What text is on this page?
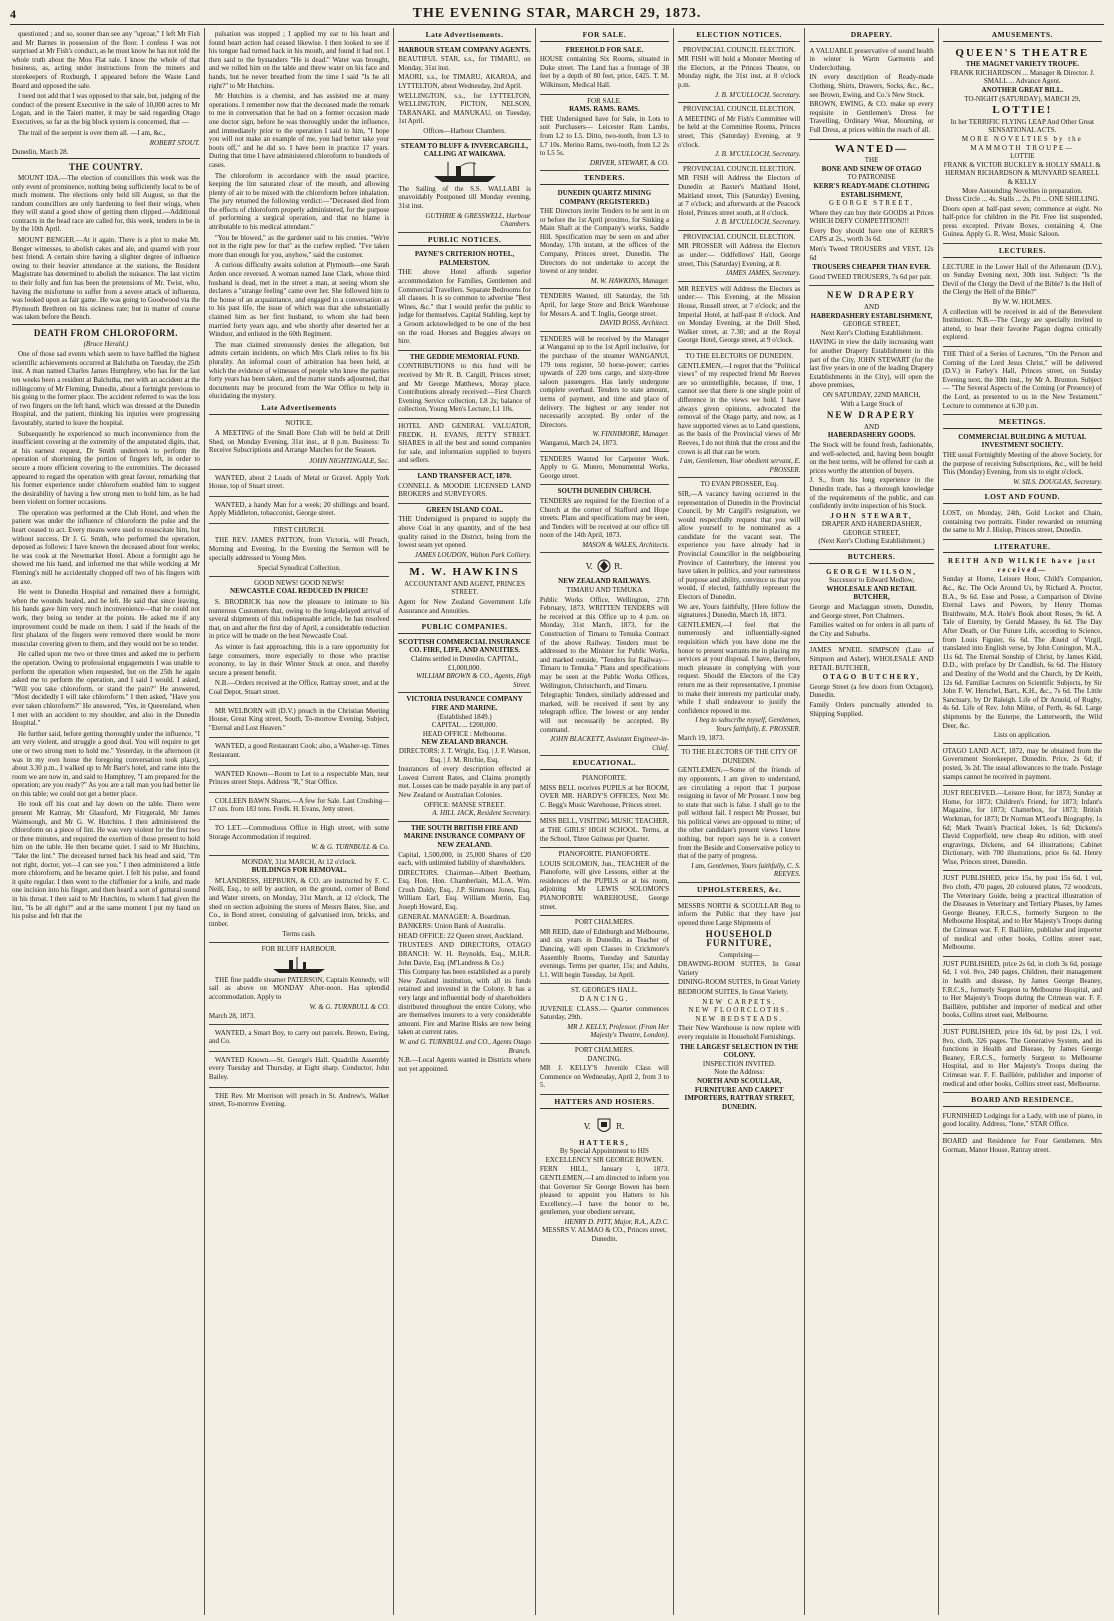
4	THE EVENING STAR, MARCH 29, 1873.

questioned ; and so, sooner than see any "uproar," I left Mr Fish and Mr Barnes in possession of the floor. I confess I was not surprised at Mr Fish's conduct, as he must know he has not told the whole truth about the Mou Flat sale. I know the whole of that business, as, acting under instructions from the miners and storekeepers of Roxburgh, I appeared before the Waste Land Board and opposed the sale.

I need not add that I was opposed to that sale, but, judging of the conduct of the present Executive in the sale of 10,000 acres to Mr Logan, and in the Taieri matter, it may be said regarding Otago Executives, so far as the big block system is concerned, that —

The trail of the serpent is over them all. —I am, &c.,

ROBERT STOUT.
Dunedin, March 28.
THE COUNTRY.

MOUNT IDA.—The election of councillors this week was the only event of prominence, nothing being sufficiently local to be of much moment. The elections only held till August, so that the random councillors are only hardening to feel their wings, when they will stand a good show of getting them clipped.—Additional contracts in the head race are called for, this week, tenders to be in by the 10th April.

MOUNT BENGER.—At it again. There is a plot to make Mt. Benger witnesses, to abolish cakes and ale, and quarrel with your best friend. A certain shire having a slighter degree of influence owing to their heavier attendance at the stations, the Resident Magistrate has determined to abolish the nuisance. The last victim to their folly and fun has been the pretensions of Mr. Twist, who, having the misfortune to suffer from a severe attack of influenza, was looked upon as fair game. He was going to Goodwood via the Plymouth Brethren on his sickness rate; but in matter of course was taken before the Bench.

DEATH FROM CHLOROFORM.
(Bruce Herald.)

One of those sad events which seem to have baffled the highest scientific achievements occurred at Balclutha on Tuesday, the 25th inst. A man named Charles James Humphrey, who has for the last ten weeks been a resident at Balclutha, met with an accident at the tollingcomy of Mr Fleming, Dunedin, about a fortnight previous to his going to the former place. The accident referred to was the loss of two fingers on the left hand, which was dressed at the Dunedin Hospital, and the patient, thinking his injuries were progressing favourably, started to leave the hospital.

Subsequently he experienced so much inconvenience from the insufficient covering at the extremity of the amputated digits, that, at his earnest request, Dr Smith undertook to perform the operation of shortening the portion of fingers left, in order to secure a more efficient covering to the extremities. The deceased appeared to regard the operation with great favour, remarking that his former experience under chloroform enabled him to suggest the desirability of having a few strong men to hold him, as he had been violent on former occasions.

The operation was performed at the Club Hotel, and when the patient was under the influence of chloroform the pulse and the heart ceased to act. Every means were used to resuscitate him, but without success. Dr J. G. Smith, who performed the operation, deposed as follows: I have known the deceased about four weeks; he was cook at the Newmarket Hotel. About a fortnight ago he showed me his hand, and informed me that while working at Mr Fleming's mill he accidentally chopped off two of his fingers with an axe.

He went to Dunedin Hospital and remained there a fortnight, when the wounds healed, and he left. He said that since leaving, his hands gave him very much inconvenience—that he could not work, they being so tender at the points. He asked me if any improvement could be made on them. I said if the heads of the first phalanx of the fingers were removed there would be more muscular covering given to them, and they would not be so tender.

He called upon me two or three times and asked me to perform the operation. Owing to professional engagements I was unable to perform the operation when requested, but on the 25th he again asked me to perform the operation, and I said I would. I asked, "Will you take chloroform, or stand the pain?" He answered, "Most decidedly I will take chloroform." I then asked, "Have you ever taken chloroform?" He answered, "Yes, in Queensland, when I met with an accident to my shoulder, and also in the Dunedin Hospital."

He further said, before getting thoroughly under the influence, "I am very violent, and struggle a good deal. You will require to get one or two strong men to hold me." Yesterday, in the afternoon (it was in my own house the foregoing conversation took place), about 3.30 p.m., I walked up to Mr Barr's hotel, and came into the room we are now in, and said to Humphrey, "I am prepared for the operation; are you ready?" As you are a tall man you had better lie on this table; we could not get a better place.

He took off his coat and lay down on the table. There were present Mr Kattray, Mr Glassford, Mr Fitzgerald, Mr James Waimsough, and Mr G. W. Hutchins. I then administered the chloroform on a piece of lint. He was very violent for the first two or three minutes, and required the exertion of those present to hold him on the table. He then became quiet. I said to Mr Hutchins, "Take the lint." The deceased turned back his head and said, "I'm not right, doctor, yet—I can see you." I then administered a little more chloroform, and he became quiet. I felt his pulse, and found it quite regular. I then went to the chiffonier for a knife, and made one incision into his finger, and then heard a sort of guttural sound in his throat. I then said to Mr Hutchins, to whom I had given the lint, "Is he all right?" and at the same moment I put my hand on his pulse and felt that the

pulsation was stopped ; I applied my ear to his heart and found heart action had ceased likewise. I then looked to see if his tongue had turned back in his mouth, and found it had not. I then said to the bystanders "He is dead." Water was brought, and we rolled him on the table and threw water on his face and hands, but he never breathed from the time I said "Is he all right?" to Mr Hutchins.

Mr Hutchins is a chemist, and has assisted me at many operations. I remember now that the deceased made the remark to me in conversation that he had on a former occasion made one doctor sign, before he was thoroughly under the influence, and immediately prior to the operation I said to him, "I hope you will not make an example of me, you had better take your boots off," and he did so. I have been in practice 17 years. During that time I have administered chloroform to hundreds of cases.

The chloroform in accordance with the usual practice, keeping the lint saturated clear of the mouth, and allowing plenty of air to be mixed with the chloroform before inhalation. The jury returned the following verdict:—"Deceased died from the effects of chloroform properly administered, for the purpose of performing a surgical operation, and that no blame is attributable to his medical attendant."

"You be blowed," as the gardener said to his cronies. "We're not in the right pew for that" as the curfew replied. "I've taken more than enough for you, anyhow," said the customer.

A curious difficulty awaits solution at Plymouth—one Sarah Arden once reversed. A woman named Jane Clark, whose third husband is dead, met in the street a man, at seeing whom she declares a "strange feeling" came over her. She followed him to the house of an acquaintance, and engaged in a conversation as to his past life, the issue of which was that she substantially claimed him as her first husband, to whom she had been married forty years ago, and who shortly after deserted her at Windsor, and enlisted in the 60th Regiment.

The man claimed strenuously denies the allegation, but admits certain incidents, on which Mrs Clark relies to fix his plurality. An informal court of arbitration has been held, at which the evidence of witnesses of people who knew the parties forty years has been taken, and the matter stands adjourned, that documents may be procured from the War Office to help in elucidating the mystery.

Late Advertisements
NOTICE.

A MEETING of the Small Bore Club will be held at Drill Shed, on Monday Evening, 31st inst., at 8 p.m. Business: To Receive Subscriptions and Arrange Matches for the Season.

JOHN NIGHTINGALE, Sec.

WANTED, about 2 Loads of Metal or Gravel. Apply York House, top of Stuart street.

WANTED, a handy Man for a week; 20 shillings and board. Apply Middleton, tobacconist, George street.

FIRST CHURCH.

THE REV. JAMES PATTON, from Victoria, will Preach, Morning and Evening. In the Evening the Sermon will be specially addressed to Young Men.

Special Synodical Collection.
GOOD NEWS! GOOD NEWS!
NEWCASTLE COAL REDUCED IN PRICE!

S. BRODRICK has now the pleasure to intimate to his numerous Customers that, owing to the long-delayed arrival of several shipments of this indispensable article, he has resolved that, on and after the first day of April, a considerable reduction in price will be made on the best Newcastle Coal.

As winter is fast approaching, this is a rare opportunity for large consumers, more especially to those who practise economy, to lay in their Winter Stock at once, and thereby secure a present benefit.

N.B.—Orders received at the Office, Rattray street, and at the Coal Depot, Stuart street.

MR WELBORN will (D.V.) preach in the Christian Meeting House, Great King street, South, To-morrow Evening. Subject, "Eternal and Lost Heaven."

WANTED, a good Restaurant Cook; also, a Washer-up. Times Restaurant.

WANTED Known—Room to Let to a respectable Man, near Princes street Steps. Address "R," Star Office.

COLLEEN BAWN Shares.—A few for Sale. Last Crushing—17 ozs. from 183 tons. Fredk. H. Evans, Jetty street.

TO LET.—Commodious Office in High street, with some Storage Accommodation if required.

W. & G. TURNBULL & Co.
MONDAY, 31st MARCH, At 12 o'clock.
BUILDINGS FOR REMOVAL.

M'LANDRESS, HEPBURN, & CO. are instructed by F. C. Neill, Esq., to sell by auction, on the ground, corner of Bond and Water streets, on Monday, 31st March, at 12 o'clock, The shed on section adjoining the stores of Messrs Bates, Sise, and Co., in Bond street, consisting of galvanised iron, bricks, and timber.

Terms cash.
FOR BLUFF HARBOUR.

THE fine paddle steamer PATERSON, Captain Kennedy, will sail as above on MONDAY After-noon. Has splendid accommodation. Apply to

W. & G. TURNBULL & CO.
March 28, 1873.

WANTED, a Smart Boy, to carry out parcels. Brown, Ewing, and Co.

WANTED Known.—St. George's Hall. Quadrille Assembly every Tuesday and Thursday, at Eight sharp. Conductor, John Bailey.

THE Rev. Mr Morrison will preach in St. Andrew's, Walker street, To-morrow Evening.

Late Advertisements.
HARBOUR STEAM COMPANY AGENTS.

BEAUTIFUL STAR, s.s., for TIMARU, on Monday, 31st inst.

MAORI, s.s., for TIMARU, AKAROA, and LYTTELTON, about Wednesday, 2nd April.

WELLINGTON, s.s., for LYTTELTON, WELLINGTON, PICTON, NELSON, TARANAKI, and MANUKAU, on Tuesday, 1st April.

Offices—Harbour Chambers.
STEAM TO BLUFF & INVERCARGILL, CALLING AT WAIKAWA.

The Sailing of the S.S. WALLABI is unavoidably Postponed till Monday evening, 31st inst.

GUTHRIE & GRESSWELL, Harbour Chambers.
PUBLIC NOTICES.
PAYNE'S CRITERION HOTEL, PALMERSTON.

THE above Hotel affords superior accommodation for Families, Gentlemen and Commercial Travellers. Separate Bedrooms for all classes. It is so common to advertise "Best Wines, &c." that I would prefer the public to judge for themselves. Capital Stabling, kept by a Groom acknowledged to be one of the best on the road. Horses and Buggies always on hire.

THE GEDDIE MEMORIAL FUND.

CONTRIBUTIONS to this fund will be received by Mr R. B. Cargill, Princes street; and Mr George Matthews, Moray place. Contributions already received:—First Church Evening Service collection, L8 2s; balance of collection, Young Men's Lecture, L1 10s.

HOTEL AND GENERAL VALUATOR, FREDK. H. EVANS, JETTY STREET. SHARES in all the best and sound companies for sale, and information supplied to buyers and sellers.

LAND TRANSFER ACT, 1870.

CONNELL & MOODIE LICENSED LAND BROKERS and SURVEYORS.

GREEN ISLAND COAL.

THE Undersigned is prepared to supply the above Coal in any quantity, and of the best quality raised in the District, being from the lowest seam yet opened.

JAMES LOUDON, Walton Park Colliery.
M. W. HAWKINS
ACCOUNTANT AND AGENT, PRINCES STREET.

Agent for New Zealand Government Life Assurance and Annuities.

PUBLIC COMPANIES.
SCOTTISH COMMERCIAL INSURANCE CO. FIRE, LIFE, AND ANNUITIES.
Claims settled in Dunedin. CAPITAL, £1,000,000.
WILLIAM BROWN & CO., Agents, High Street.
VICTORIA INSURANCE COMPANY FIRE AND MARINE.
(Established 1849.)
CAPITAL ... £200,000.
HEAD OFFICE : Melbourne.
NEW ZEALAND BRANCH.
DIRECTORS: J. T. Wright, Esq. | J. F. Watson, Esq. | J. M. Ritchie, Esq.

Insurances of every description effected at Lowest Current Rates, and Claims promptly met. Losses can be made payable in any part of New Zealand or Australian Colonies.

OFFICE: MANSE STREET.
A. HILL JACK, Resident Secretary.
THE SOUTH BRITISH FIRE AND MARINE INSURANCE COMPANY OF NEW ZEALAND.

Capital, 1,500,000, in 25,000 Shares of £20 each, with unlimited liability of shareholders.

DIRECTORS. Chairman—Albert Beetham, Esq. Hon. Hon. Chamberlain, M.L.A. Wm. Crush Daldy, Esq., J.P. Simmons Jones, Esq. William Earl, Esq. William Morrin, Esq. Joseph Howard, Esq.

GENERAL MANAGER: A. Boardman.

BANKERS: Union Bank of Australia.

HEAD OFFICE: 22 Queen street, Auckland.

TRUSTEES AND DIRECTORS, OTAGO BRANCH: W. H. Reynolds, Esq., M.H.R. John Davie, Esq. (M'Landress & Co.)

This Company has been established as a purely New Zealand institution, with all its funds retained and invested in the Colony. It has a very large and influential body of shareholders distributed throughout the entire Colony, who are themselves insurers to a very considerable amount. Fire and Marine Risks are now being taken at current rates.

W. and G. TURNBULL and CO., Agents Otago Branch.

N.B.—Local Agents wanted in Districts where not yet appointed.

FOR SALE.
FREEHOLD FOR SALE.

HOUSE containing Six Rooms, situated in Duke street. The Land has a frontage of 38 feet by a depth of 80 feet, price, £425. T. M. Wilkinson, Medical Hall.

FOR SALE.
RAMS. RAMS. RAMS.

THE Undersigned have for Sale, in Lots to suit Purchasers— Leicester Ram Lambs, from L2 to L5. Ditto, two-tooth, from L3 to L7 10s. Merino Rams, two-tooth, from L2 2s to L5 5s.

DRIVER, STEWART, & CO.
TENDERS.
DUNEDIN QUARTZ MINING COMPANY (REGISTERED.)

THE Directors invite Tenders to be sent in on or before the 1st April proximo, for Sinking a Main Shaft at the Company's works, Saddle Hill. Specification may be seen on and after Monday, 17th instant, at the offices of the Company, Princes street, Dunedin. The Directors do not undertake to accept the lowest or any tender.

M. W. HAWKINS, Manager.

TENDERS Wanted, till Saturday, the 5th April, for large Store and Brick Warehouse for Messrs A. and T. Inglis, George street.

DAVID ROSS, Architect.

TENDERS will be received by the Manager at Wanganui up to the 1st April inclusive, for the purchase of the steamer WANGANUI, 179 tons register, 50 horse-power; carries upwards of 220 tons cargo, and sixty-three saloon passengers. Has lately undergone complete overhaul. Tenders to state amount, terms of payment, and time and place of delivery. The highest or any tender not necessarily accepted. By order of the Directors.

W. FINNIMORE, Manager.
Wanganui, March 24, 1873.

TENDERS Wanted for Carpenter Work. Apply to G. Munro, Monumental Works, George street.

SOUTH DUNEDIN CHURCH.

TENDERS are required for the Erection of a Church at the corner of Stafford and Hope streets. Plans and specifications may be seen, and Tenders will be received at our office till noon of the 14th April, 1873.

MASON & WALES, Architects.
V.	R.
NEW ZEALAND RAILWAYS.
TIMARU AND TEMUKA

Public Works Office, Wellington, 27th February, 1873. WRITTEN TENDERS will be received at this Office up to 4 p.m. on Monday, 31st March, 1873, for the Construction of Timaru to Temuka Contract of the above Railway. Tenders must be addressed to the Minister for Public Works, and marked outside, "Tenders for Railway—Timaru to Temuka." Plans and specifications may be seen at the Public Works Offices, Wellington, Christchurch, and Timaru.

Telegraphic Tenders, similarly addressed and marked, will be received if sent by any telegraph office. The lowest or any tender will not necessarily be accepted. By command.

JOHN BLACKETT, Assistant Engineer-in-Chief.
EDUCATIONAL.
PIANOFORTE.

MISS BELL receives PUPILS at her ROOM, OVER MR. HARDY'S OFFICES, Next Mr. C. Begg's Music Warehouse, Princes street.

MISS BELL, VISITING MUSIC TEACHER, at THE GIRLS' HIGH SCHOOL. Terms, at the School, Three Guineas per Quarter.

PIANOFORTE. PIANOFORTE.

LOUIS SOLOMON, Jun., TEACHER of the Pianoforte, will give Lessons, either at the residences of the PUPILS or at his room, adjoining Mr LEWIS SOLOMON'S PIANOFORTE WAREHOUSE, George street.

PORT CHALMERS.

MR REID, date of Edinburgh and Melbourne, and six years in Dunedin, as Teacher of Dancing, will open Classes in Crickmore's Assembly Rooms, Tuesday and Saturday evenings. Terms per quarter, 15s; and Adults, L1. Will begin Tuesday, 1st April.

ST. GEORGE'S HALL.
DANCING.

JUVENILE CLASS.— Quarter commences Saturday, 29th.

MR J. KELLY, Professor. (From Her Majesty's Theatre, London).
PORT CHALMERS.
DANCING.

MR J. KELLY'S Juvenile Class will Commence on Wednesday, April 2, from 3 to 5.

HATTERS AND HOSIERS.
V.	R.
HATTERS,
By Special Appointment to HIS EXCELLENCY SIR GEORGE BOWEN.

FERN HILL, January 1, 1873. GENTLEMEN,—I am directed to inform you that Governor Sir George Bowen has been pleased to appoint you Hatters to his Excellency.—I have the honor to be, gentlemen, your obedient servant,

HENRY D. PITT, Major, R.A., A.D.C.
MESSRS V. ALMAO & CO., Princes street, Dunedin.
ELECTION NOTICES.
PROVINCIAL COUNCIL ELECTION.

MR FISH will hold a Monster Meeting of the Electors, at the Princes Theatre, on Monday night, the 31st inst, at 8 o'clock p.m.

J. B. M'CULLOCH, Secretary.
PROVINCIAL COUNCIL ELECTION.

A MEETING of Mr Fish's Committee will be held at the Committee Rooms, Princes street, This (Saturday) Evening, at 9 o'clock.

J. B. M'CULLOCH, Secretary.
PROVINCIAL COUNCIL ELECTION.

MR FISH will Address the Electors of Dunedin at Baxter's Maitland Hotel, Maitland street, This (Saturday) Evening, at 7 o'clock; and afterwards at the Peacock Hotel, Princes street south, at 8 o'clock.

J. B. M'CULLOCH, Secretary.
PROVINCIAL COUNCIL ELECTION.

MR PROSSER will Address the Electors as under:— Oddfellows' Hall, George street, This (Saturday) Evening, at 8.

JAMES JAMES, Secretary.

MR REEVES will Address the Electors as under:— This Evening, at the Mission House, Russell street, at 7 o'clock; and the Imperial Hotel, at half-past 8 o'clock. And on Monday Evening, at the Drill Shed, Walker street, at 7.30; and at the Royal George Hotel, George street, at 9 o'clock.

TO THE ELECTORS OF DUNEDIN.

GENTLEMEN,—I regret that the "Political views" of my respected friend Mr Reeves are so unintelligible, because, if true, I cannot see that there is one single point of difference in the views we hold. I have always given opinions, advocated the removal of the Otago party, and now, as I have supported views as to Land questions, as the basis of the Provincial views of Mr Reeves, I do not think that the cross and the crown is all that can be worn.

I am, Gentlemen, Your obedient servant, E. PROSSER.
TO EVAN PROSSER, Esq.

SIR,—A vacancy having occurred in the representation of Dunedin in the Provincial Council, by Mr Cargill's resignation, we would respectfully request that you will allow yourself to be nominated as a candidate for the vacant seat. The experience you have already had in Provincial Councillor in the neighbouring Province of Canterbury, the interest you have taken in politics, and your earnestness of purpose and ability, convince us that you would, if elected, faithfully represent the Electors of Dunedin.

We are, Yours faithfully, [Here follow the signatures.] Dunedin, March 18, 1873.

GENTLEMEN,—I feel that the numerously and influentially-signed requisition which you have done me the honor to present warrants me in placing my services at your disposal. I have, therefore, much pleasure in complying with your request. Should the Electors of the City return me as their representative, I promise to make their interests my particular study, while I shall endeavour to justify the confidence reposed in me.

I beg to subscribe myself, Gentlemen, Yours faithfully, E. PROSSER.
March 19, 1873.
TO THE ELECTORS OF THE CITY OF DUNEDIN.

GENTLEMEN,—Some of the friends of my opponents, I am given to understand, are circulating a report that I purpose resigning in favor of Mr Prosser. I now beg to state that such is false. I shall go to the poll without fail. I respect Mr Prosser, but his political views are opposed to mine; of the other candidate's present views I know nothing, but report says he is a convert from the Beside and Conservative policy to that of the party of progress.

I am, Gentlemen, Yours faithfully, C. S. REEVES.
UPHOLSTERERS, &c.

MESSRS NORTH & SCOULLAR Beg to inform the Public that they have just opened three Large Shipments of

HOUSEHOLD FURNITURE,
Comprising—

DRAWING-ROOM SUITES, In Great Variety

DINING-ROOM SUITES, In Great Variety

BEDROOM SUITES, In Great Variety.

NEW CARPETS.
NEW FLOORCLOTHS.
NEW BEDSTEADS.

Their New Warehouse is now replete with every requisite in Household Furnishings.

THE LARGEST SELECTION IN THE COLONY.
INSPECTION INVITED.
Note the Address:
NORTH AND SCOULLAR, FURNITURE AND CARPET IMPORTERS, RATTRAY STREET, DUNEDIN.
DRAPERY.

A VALUABLE preservative of sound health in winter is Warm Garments and Underclothing.

IN every description of Ready-made Clothing, Shirts, Drawers, Socks, &c., &c., see Brown, Ewing, and Co.'s New Stock.

BROWN, EWING, & CO. make up every requisite in Gentlemen's Dress for Travelling, Ordinary Wear, Mourning, or Full Dress, at prices within the reach of all.

WANTED—
THE
BONE AND SINEW OF OTAGO
TO PATRONISE
KERR'S READY-MADE CLOTHING ESTABLISHMENT,
GEORGE STREET,

Where they can buy their GOODS at Prices WHICH DEFY COMPETITION!!!

Every Boy should have one of KERR'S CAPS at 2s., worth 3s 6d.

Men's Tweed TROUSERS and VEST, 12s 6d

TROUSERS CHEAPER THAN EVER.

Good TWEED TROUSERS, 7s 6d per pair.

NEW DRAPERY
AND
HABERDASHERY ESTABLISHMENT,
GEORGE STREET,
Next Kerr's Clothing Establishment.

HAVING in view the daily increasing want for another Drapery Establishment in this part of the City, JOHN STEWART (for the last five years in one of the leading Drapery Establishments in the City), will open the above premises,

ON SATURDAY, 22ND MARCH,
With a Large Stock of
NEW DRAPERY
AND
HABERDASHERY GOODS.

The Stock will be found fresh, fashionable, and well-selected, and, having been bought on the best terms, will be offered for cash at prices worthy the attention of buyers.

J. S., from his long experience in the Dunedin trade, has a thorough knowledge of the requirements of the public, and can confidently invite inspection of his Stock.

JOHN STEWART,
DRAPER AND HABERDASHER,
GEORGE STREET,
(Next Kerr's Clothing Establishment.)
BUTCHERS.
GEORGE WILSON,
Successor to Edward Medlow,
WHOLESALE AND RETAIL BUTCHER,

George and Maclaggan streets, Dunedin, and George street, Port Chalmers.

Families waited on for orders in all parts of the City and Suburbs.

JAMES M'NEIL SIMPSON (Late of Simpson and Asher), WHOLESALE AND RETAIL BUTCHER,

OTAGO BUTCHERY,

George Street (a few doors from Octagon), Dunedin.

Family Orders punctually attended to. Shipping Supplied.

AMUSEMENTS.
QUEEN'S THEATRE
THE MAGNET VARIETY TROUPE.
FRANK RICHARDSON ... Manager & Director. J. SMALL ... Advance Agent.
ANOTHER GREAT BILL.
TO-NIGHT (SATURDAY), MARCH 29,
LOTTIE!
In her TERRIFIC FLYING LEAP And Other Great SENSATIONAL ACTS.
MORE NOVELTIES by the MAMMOTH TROUPE—
LOTTIE
FRANK & VICTOR BUCKLEY & HOLLY SMALL & HERMAN RICHARDSON & MUNYARD SEARELL & KELLY
More Astounding Novelties in preparation.
Dress Circle ... 4s. Stalls ... 2s. Pit ... ONE SHILLING.

Doors open at half-past seven; commence at eight. No half-price for children in the Pit. Free list suspended, press excepted. Private Boxes, containing 4, One Guinea. Apply G. R. West, Music Saloon.

LECTURES.

LECTURE in the Lower Hall of the Athenæum (D.V.), on Sunday Evening next, 30th inst. Subject: "Is the Devil of the Clergy the Devil of the Bible? Is the Hell of the Clergy the Hell of the Bible?"

By W. W. HOLMES.

A collection will be received in aid of the Benevolent Institution. N.B.—The Clergy are specially invited to attend, to hear their favorite Pagan dogma critically explored.

THE Third of a Series of Lectures, "On the Person and Coming of the Lord Jesus Christ," will be delivered (D.V.) in Farley's Hall, Princes street, on Sunday Evening next, the 30th inst., by Mr A. Brunton. Subject — "The Several Aspects of the Coming (or Presence) of the Lord, as presented to us in the New Testament." Lecture to commence at 6.30 p.m.

MEETINGS.
COMMERCIAL BUILDING & MUTUAL INVESTMENT SOCIETY.

THE usual Fortnightly Meeting of the above Society, for the purpose of receiving Subscriptions, &c., will be held This (Monday) Evening, from six to eight o'clock.

W. SILS. DOUGLAS, Secretary.
LOST AND FOUND.

LOST, on Monday, 24th, Gold Locket and Chain, containing two portraits. Finder rewarded on returning the same to Mr J. Hislop, Princes street, Dunedin.

LITERATURE.
REITH AND WILKIE have just received—

Sunday at Home, Leisure Hour, Child's Companion, &c., &c. The Ocle Around Us, by Richard A. Proctor, B.A., 9s 6d. Esse and Posse, a Comparison of Divine Eternal Laws and Powers, by Henry Thomas Braithwaite, M.A. Hole's Book about Roses, 9s 6d. A Tale of Eternity, by Gerald Massey, 8s 6d. The Day After Death, or Our Future Life, according to Science, from Louis Figuier, 6s 6d. The Æneid of Virgil, translated into English verse, by John Conington, M.A., 11s 6d. The Eternal Sonship of Christ, by James Kidd, D.D., with preface by Dr Candlish, 6s 6d. The History and Destiny of the World and the Church, by Dr Keith, 12s 6d. Familiar Lectures on Scientific Subjects, by Sir John F. W. Herschel, Bart., K.H., &c., 7s 6d. The Little Sanctuary, by Dr Raleigh. Life of Dr Arnold, of Rugby, 4s 6d. Life of Rev. John Milne, of Perth, 4s 6d. Large shipments by the Euterpe, the Lutterworth, the Wild Deer, &c.

Lists on application.

OTAGO LAND ACT, 1872, may be obtained from the Government Storekeeper, Dunedin. Price, 2s 6d; if posted, 3s 2d. The usual allowances to the trade. Postage stamps cannot be received in payment.

JUST RECEIVED.—Leisure Hour, for 1873; Sunday at Home, for 1873; Children's Friend, for 1873; Infant's Magazine, for 1873; Chatterbox, for 1873; British Workman, for 1873; Dr Norman M'Leod's Biography, 1s 6d; Mark Twain's Practical Jokes, 1s 6d; Dickens's David Copperfield, new cheap 4to edition, with steel engravings, Dickens, and 64 illustrations; Cabinet Dictionary, with 700 illustrations, price 6s 6d. Henry Wise, Princes street, Dunedin.

JUST PUBLISHED, price 15s, by post 15s 6d, 1 vol, 8vo cloth, 470 pages, 20 coloured plates, 72 woodcuts, The Veterinary Guide, being a practical illustration of the Diseases in Veterinary and Tertiary Phases, by James George Beaney, F.R.C.S., formerly Surgeon to the Melbourne Hospital, and to Her Majesty's Troops during the Crimean war. F. F. Baillière, publisher and importer of medical and other books, Collins street east, Melbourne.

JUST PUBLISHED, price 2s 6d, in cloth 3s 6d, postage 6d, 1 vol. 8vo, 240 pages, Children, their management in health and disease, by James George Beaney, F.R.C.S., formerly Surgeon to Melbourne Hospital, and to Her Majesty's Troops during the Crimean war. F. F. Baillière, publisher and importer of medical and other books, Collins street east, Melbourne.

JUST PUBLISHED, price 10s 6d, by post 12s, 1 vol. 8vo, cloth, 326 pages. The Generative System, and its functions in Health and Disease, by James George Beaney, F.R.C.S., formerly Surgeon to Melbourne Hospital, and to Her Majesty's Troops during the Crimean war. F. F. Baillière, publisher and importer of medical and other books, Collins street east, Melbourne.

BOARD AND RESIDENCE.

FURNISHED Lodgings for a Lady, with use of piano, in good locality. Address, "Ione," STAR Office.

BOARD and Residence for Four Gentlemen. Mrs Gorman, Manor House, Rattray street.
